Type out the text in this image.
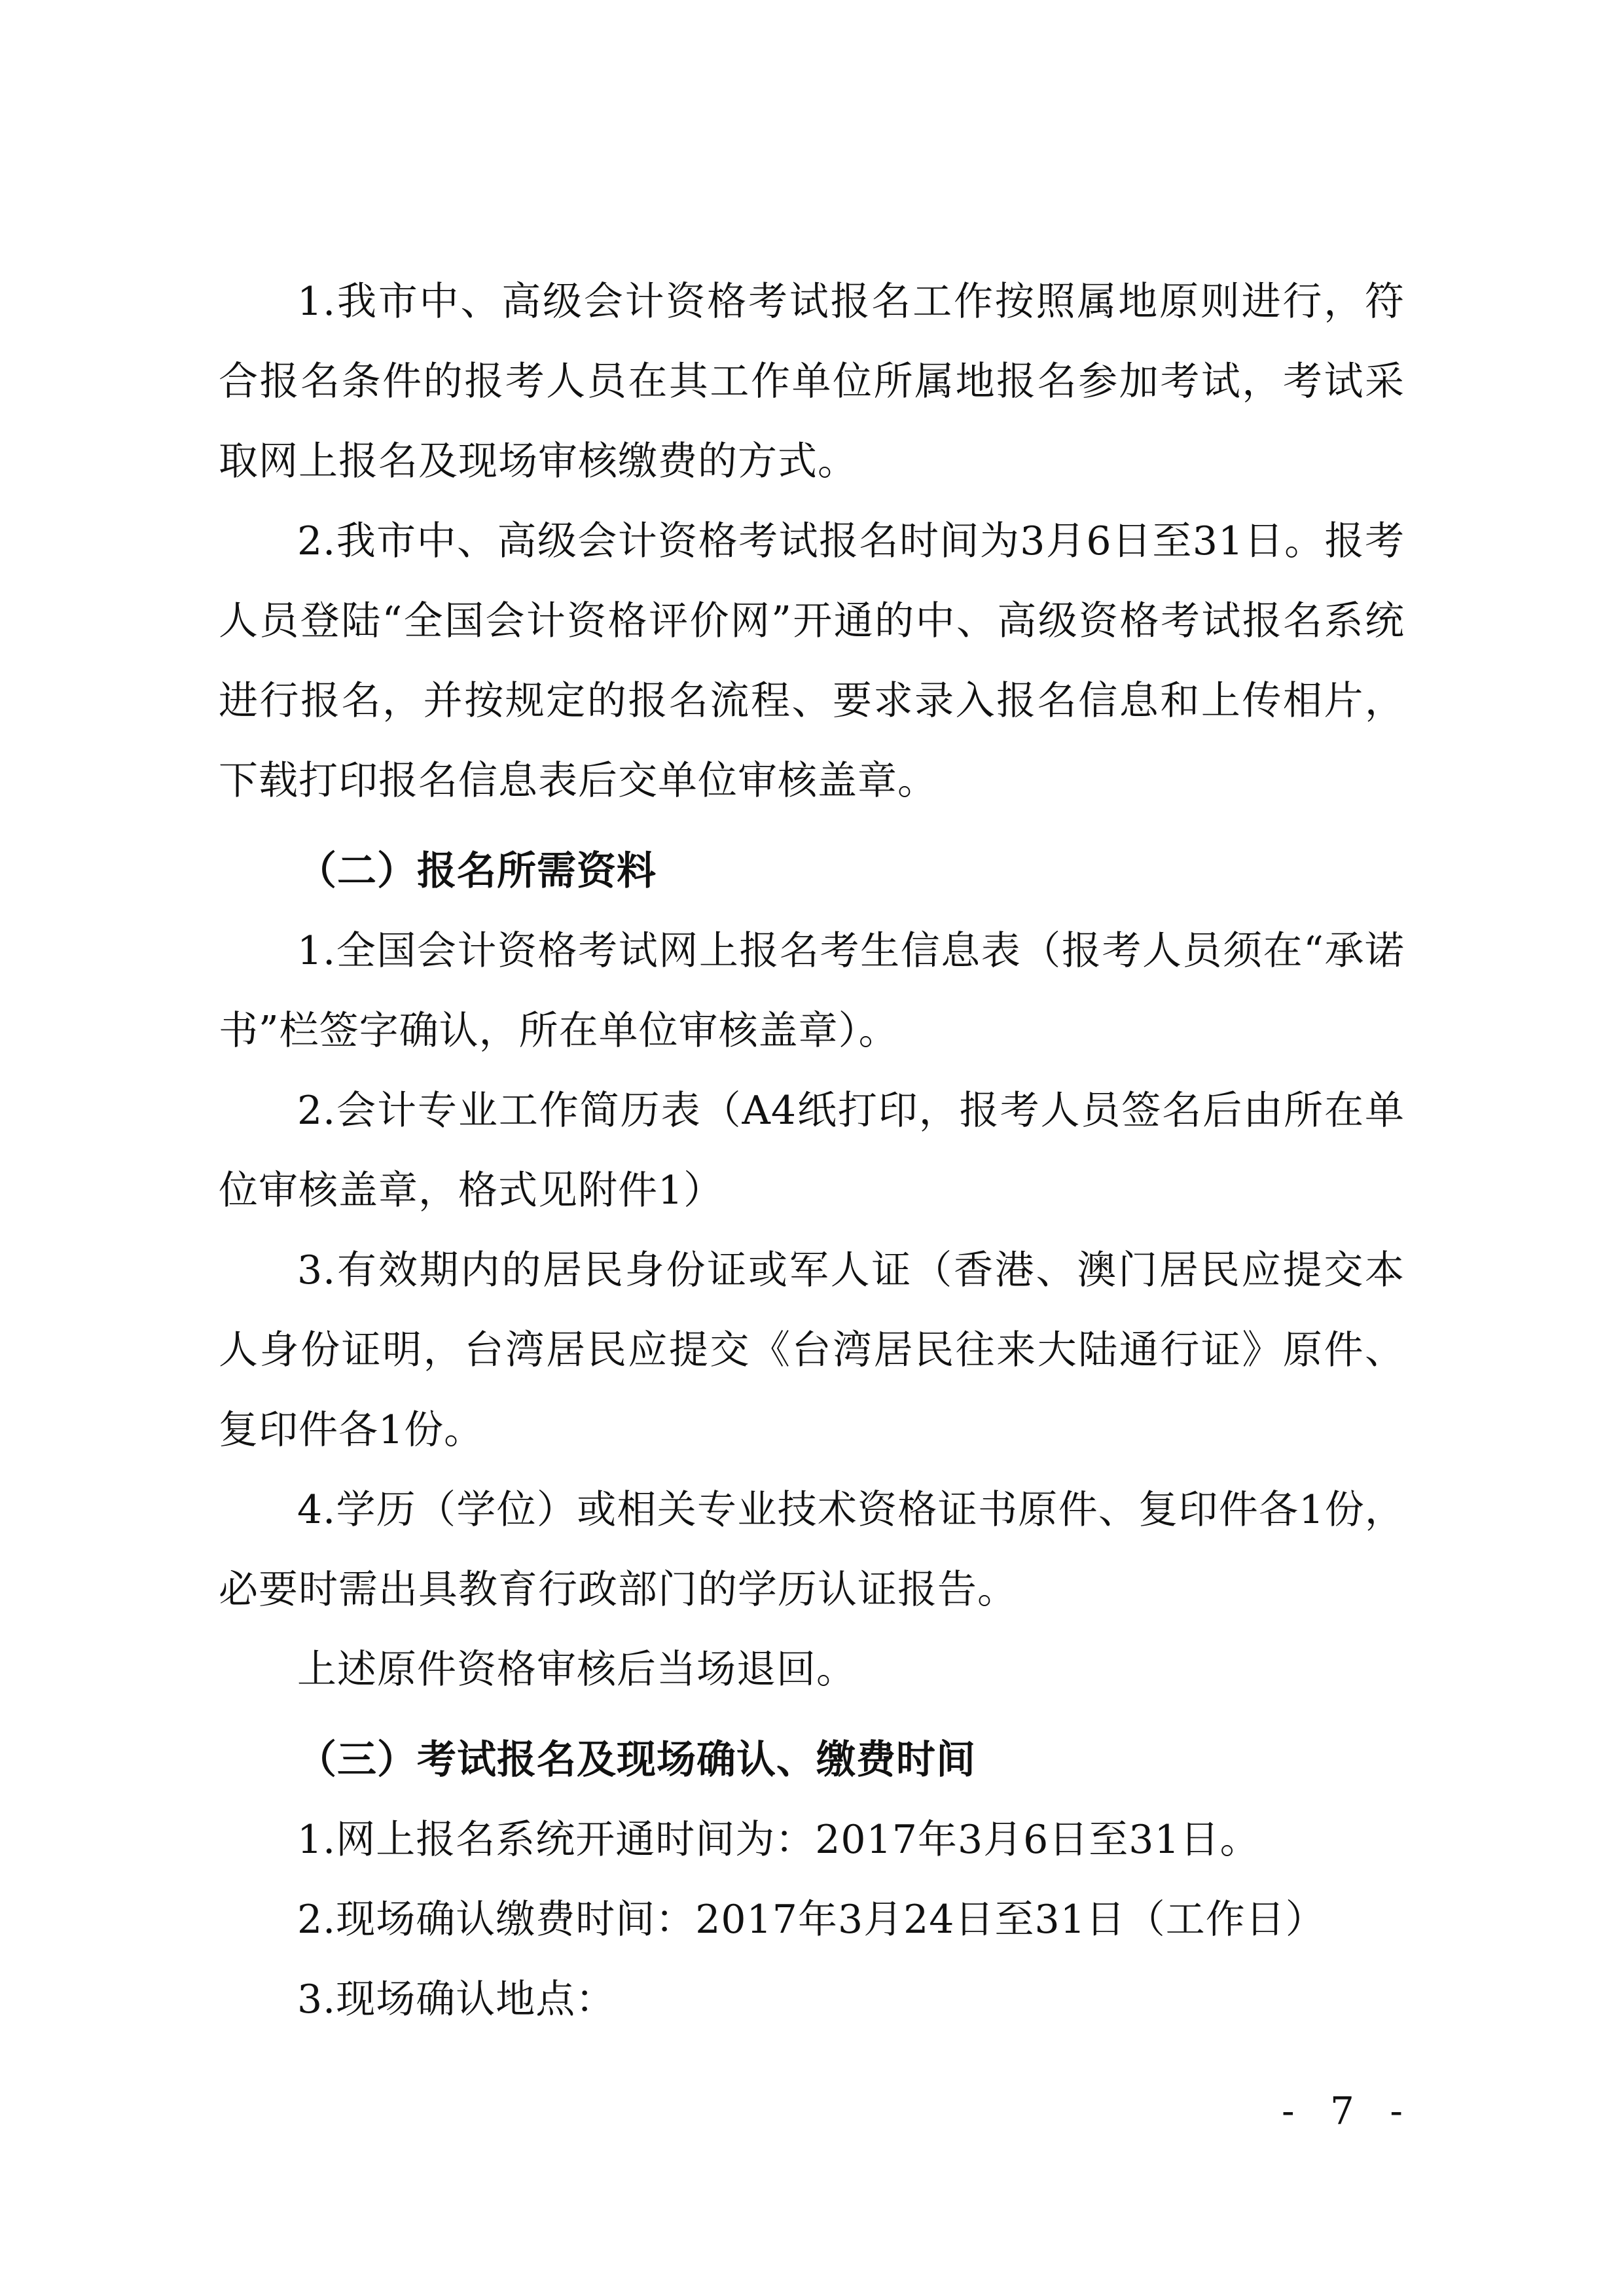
1.我市中、高级会计资格考试报名工作按照属地原则进行，符合报名条件的报考人员在其工作单位所属地报名参加考试，考试采取网上报名及现场审核缴费的方式。

2.我市中、高级会计资格考试报名时间为3月6日至31日。报考人员登陆“全国会计资格评价网”开通的中、高级资格考试报名系统进行报名，并按规定的报名流程、要求录入报名信息和上传相片，下载打印报名信息表后交单位审核盖章。

（二）报名所需资料

1.全国会计资格考试网上报名考生信息表（报考人员须在“承诺书”栏签字确认，所在单位审核盖章）。

2.会计专业工作简历表（A4纸打印，报考人员签名后由所在单位审核盖章，格式见附件1）

3.有效期内的居民身份证或军人证（香港、澳门居民应提交本人身份证明，台湾居民应提交《台湾居民往来大陆通行证》原件、复印件各1份。

4.学历（学位）或相关专业技术资格证书原件、复印件各1份，必要时需出具教育行政部门的学历认证报告。

上述原件资格审核后当场退回。

（三）考试报名及现场确认、缴费时间

1.网上报名系统开通时间为：2017年3月6日至31日。

2.现场确认缴费时间：2017年3月24日至31日（工作日）

3.现场确认地点：

- 7 -
